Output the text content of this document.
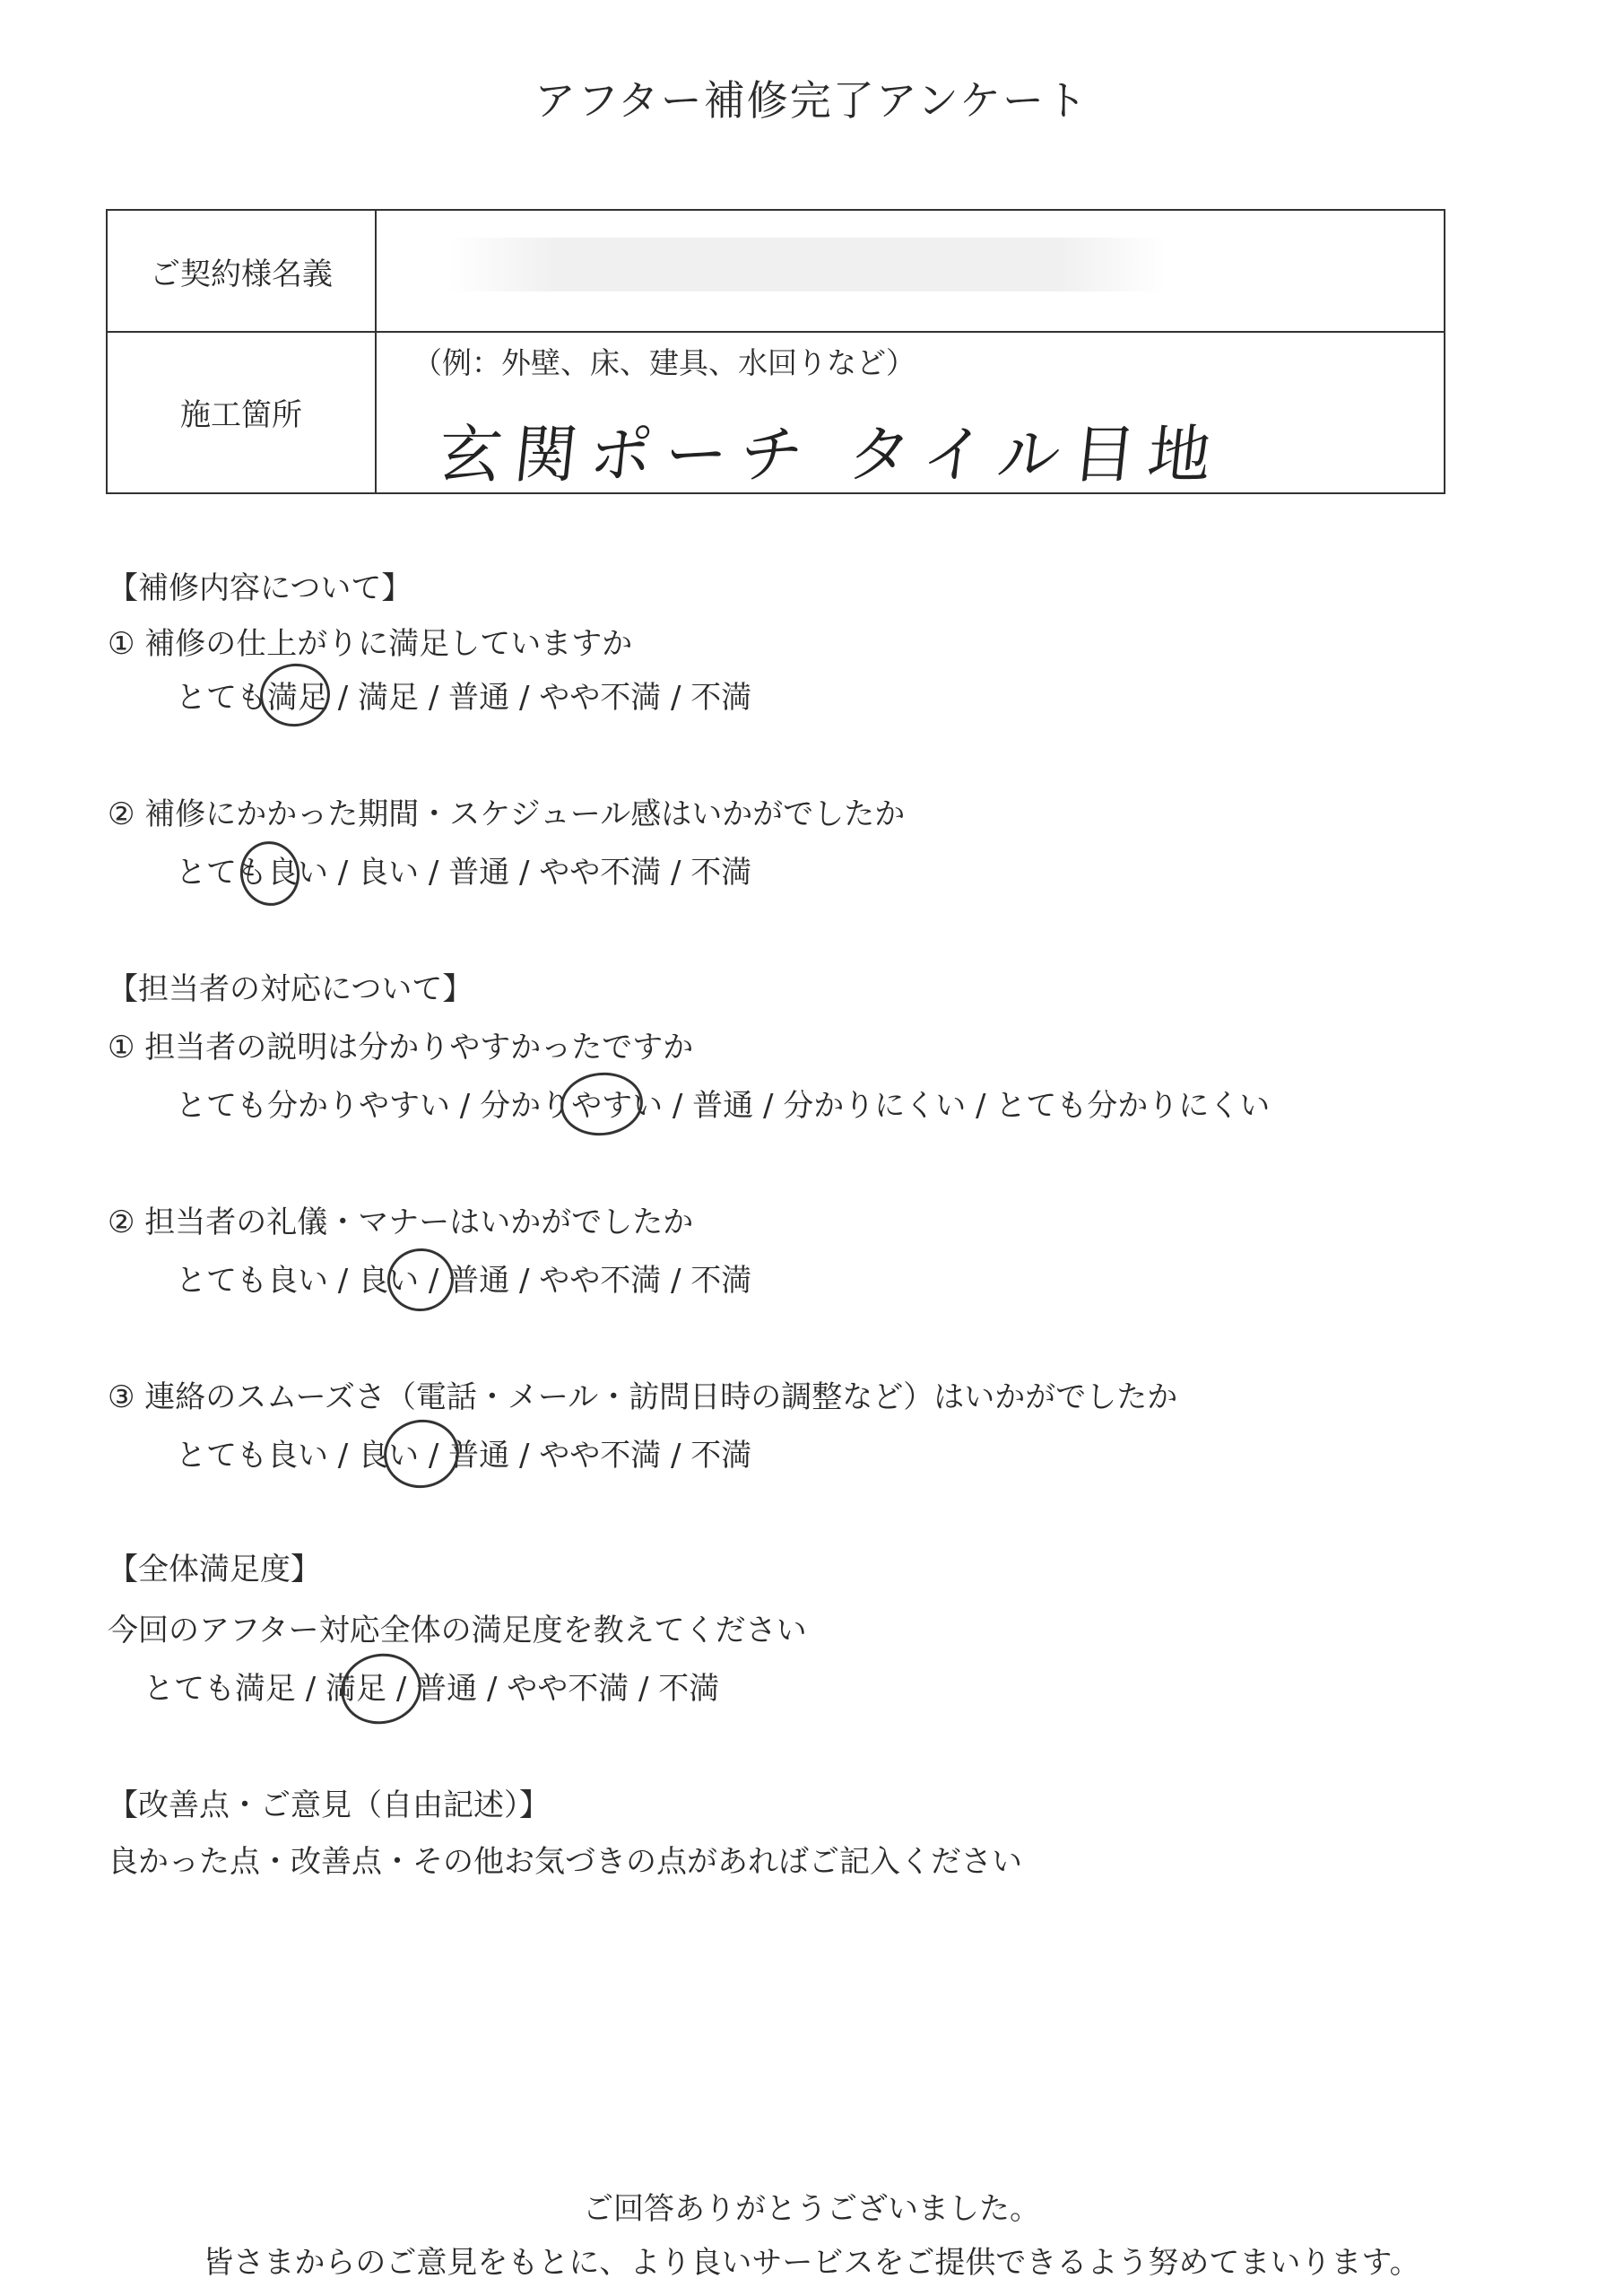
アフター補修完了アンケート
ご契約様名義
施工箇所
（例：外壁、床、建具、水回りなど）
玄関ポーチ タイル目地
【補修内容について】
① 補修の仕上がりに満足していますか
とても満足 / 満足 / 普通 / やや不満 / 不満
② 補修にかかった期間・スケジュール感はいかがでしたか
とても良い / 良い / 普通 / やや不満 / 不満
【担当者の対応について】
① 担当者の説明は分かりやすかったですか
とても分かりやすい / 分かりやすい / 普通 / 分かりにくい / とても分かりにくい
② 担当者の礼儀・マナーはいかがでしたか
とても良い / 良い / 普通 / やや不満 / 不満
③ 連絡のスムーズさ（電話・メール・訪問日時の調整など）はいかがでしたか
とても良い / 良い / 普通 / やや不満 / 不満
【全体満足度】
今回のアフター対応全体の満足度を教えてください
とても満足 / 満足 / 普通 / やや不満 / 不満
【改善点・ご意見（自由記述）】
良かった点・改善点・その他お気づきの点があればご記入ください
ご回答ありがとうございました。
皆さまからのご意見をもとに、より良いサービスをご提供できるよう努めてまいります。
